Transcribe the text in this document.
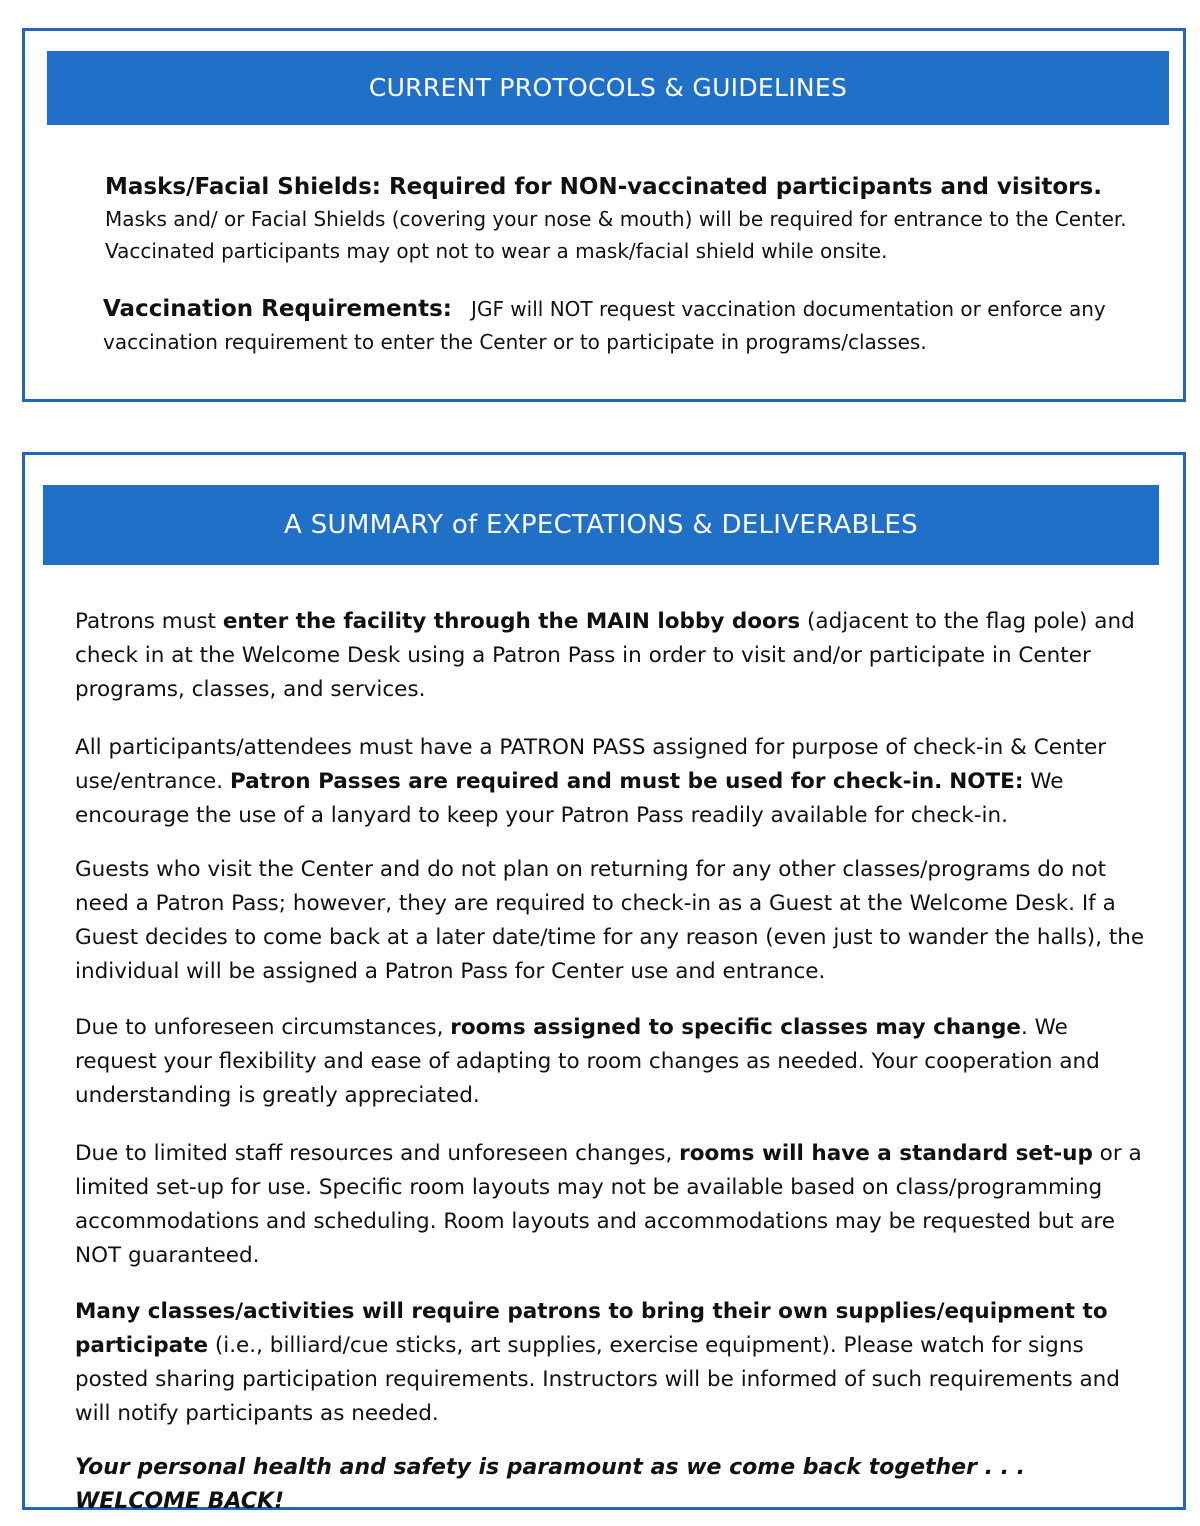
CURRENT PROTOCOLS & GUIDELINES

Masks/Facial Shields: Required for NON-vaccinated participants and visitors.  Masks and/ or Facial Shields (covering your nose & mouth) will be required for entrance to the Center. Vaccinated participants may opt not to wear a mask/facial shield while onsite.

Vaccination Requirements: JGF will NOT request vaccination documentation or enforce any vaccination requirement to enter the Center or to participate in programs/classes.

A SUMMARY of EXPECTATIONS & DELIVERABLES

Patrons must enter the facility through the MAIN lobby doors (adjacent to the flag pole) and check in at the Welcome Desk using a Patron Pass in order to visit and/or participate in Center programs, classes, and services.

All participants/attendees must have a PATRON PASS assigned for purpose of check-in & Center use/entrance. Patron Passes are required and must be used for check-in. NOTE: We encourage the use of a lanyard to keep your Patron Pass readily available for check-in.

Guests who visit the Center and do not plan on returning for any other classes/programs do not need a Patron Pass; however, they are required to check-in as a Guest at the Welcome Desk. If a Guest decides to come back at a later date/time for any reason (even just to wander the halls), the individual will be assigned a Patron Pass for Center use and entrance.

Due to unforeseen circumstances, rooms assigned to specific classes may change. We request your flexibility and ease of adapting to room changes as needed. Your cooperation and understanding is greatly appreciated.

Due to limited staff resources and unforeseen changes, rooms will have a standard set-up or a limited set-up for use. Specific room layouts may not be available based on class/programming accommodations and scheduling. Room layouts and accommodations may be requested but are NOT guaranteed.

Many classes/activities will require patrons to bring their own supplies/equipment to participate (i.e., billiard/cue sticks, art supplies, exercise equipment). Please watch for signs posted sharing participation requirements. Instructors will be informed of such requirements and will notify participants as needed.

Your personal health and safety is paramount as we come back together . . . WELCOME BACK!
